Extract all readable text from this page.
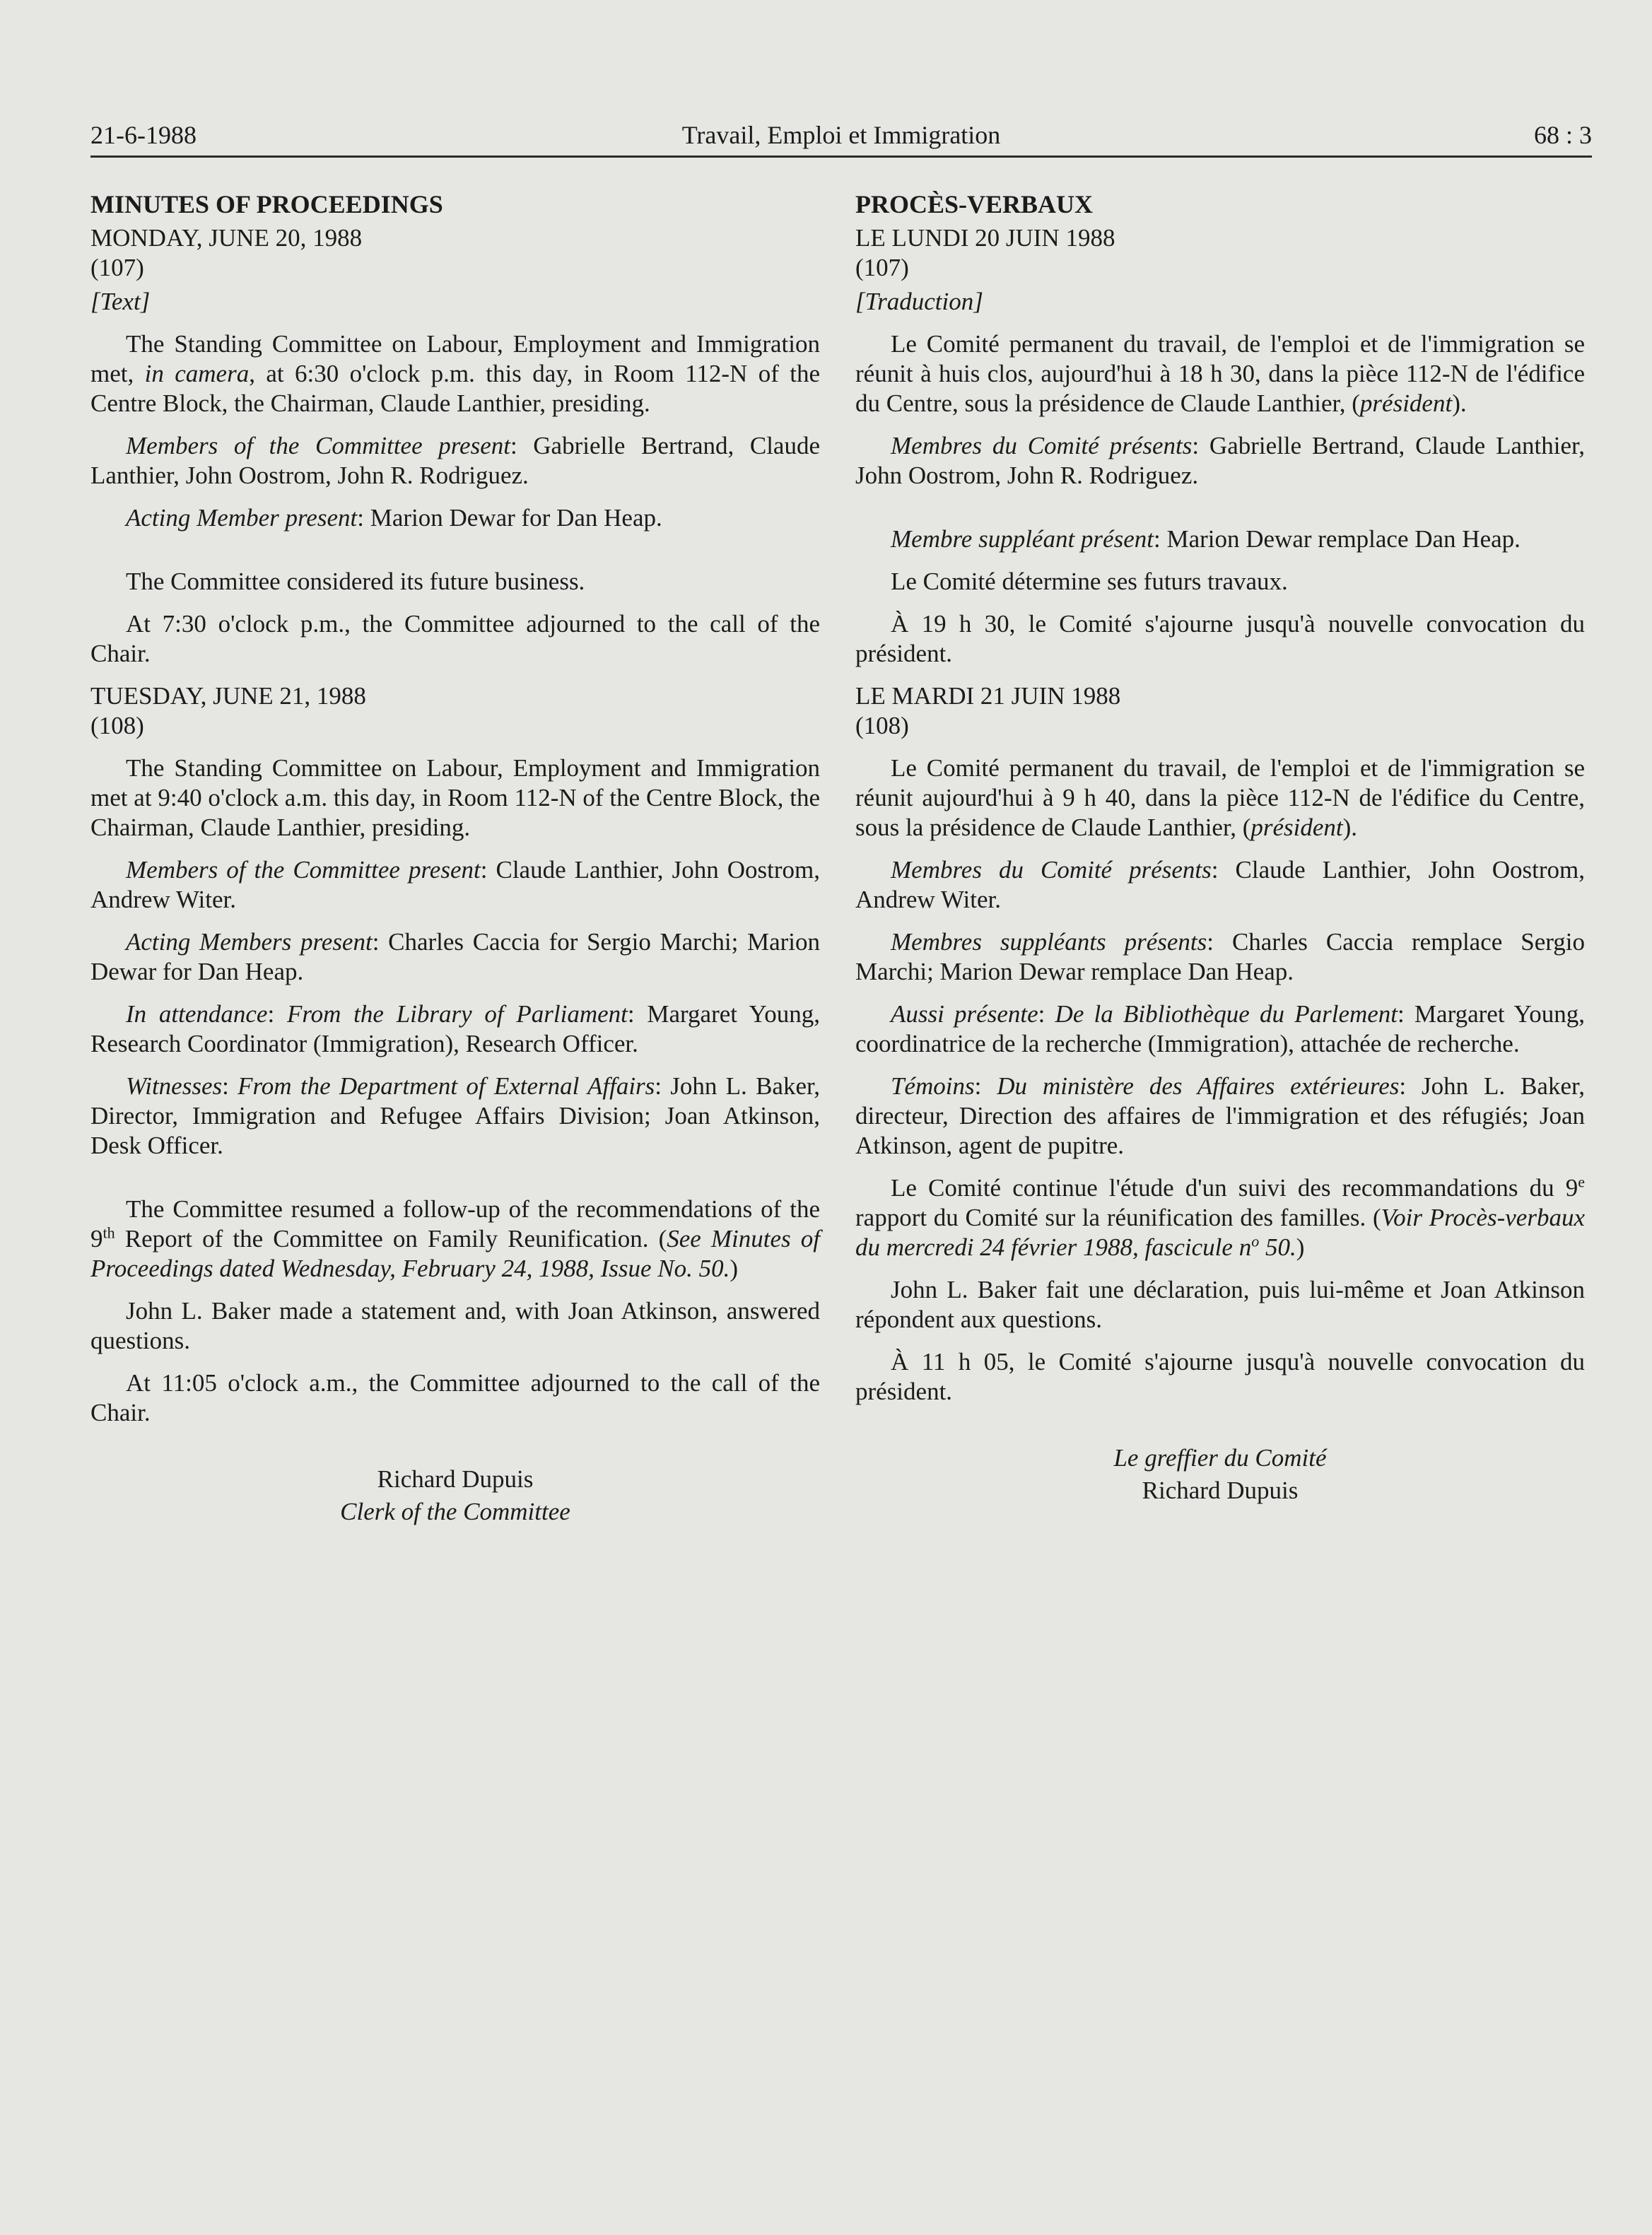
21-6-1988	Travail, Emploi et Immigration	68 : 3
MINUTES OF PROCEEDINGS
MONDAY, JUNE 20, 1988
(107)

[Text]

The Standing Committee on Labour, Employment and Immigration met, in camera, at 6:30 o'clock p.m. this day, in Room 112-N of the Centre Block, the Chairman, Claude Lanthier, presiding.

Members of the Committee present: Gabrielle Bertrand, Claude Lanthier, John Oostrom, John R. Rodriguez.

Acting Member present: Marion Dewar for Dan Heap.

The Committee considered its future business.

At 7:30 o'clock p.m., the Committee adjourned to the call of the Chair.

TUESDAY, JUNE 21, 1988
(108)

The Standing Committee on Labour, Employment and Immigration met at 9:40 o'clock a.m. this day, in Room 112-N of the Centre Block, the Chairman, Claude Lanthier, presiding.

Members of the Committee present: Claude Lanthier, John Oostrom, Andrew Witer.

Acting Members present: Charles Caccia for Sergio Marchi; Marion Dewar for Dan Heap.

In attendance: From the Library of Parliament: Margaret Young, Research Coordinator (Immigration), Research Officer.

Witnesses: From the Department of External Affairs: John L. Baker, Director, Immigration and Refugee Affairs Division; Joan Atkinson, Desk Officer.

The Committee resumed a follow-up of the recommendations of the 9th Report of the Committee on Family Reunification. (See Minutes of Proceedings dated Wednesday, February 24, 1988, Issue No. 50.)

John L. Baker made a statement and, with Joan Atkinson, answered questions.

At 11:05 o'clock a.m., the Committee adjourned to the call of the Chair.

Richard Dupuis
Clerk of the Committee
PROCÈS-VERBAUX
LE LUNDI 20 JUIN 1988
(107)

[Traduction]

Le Comité permanent du travail, de l'emploi et de l'immigration se réunit à huis clos, aujourd'hui à 18 h 30, dans la pièce 112-N de l'édifice du Centre, sous la présidence de Claude Lanthier, (président).

Membres du Comité présents: Gabrielle Bertrand, Claude Lanthier, John Oostrom, John R. Rodriguez.

Membre suppléant présent: Marion Dewar remplace Dan Heap.

Le Comité détermine ses futurs travaux.

À 19 h 30, le Comité s'ajourne jusqu'à nouvelle convocation du président.

LE MARDI 21 JUIN 1988
(108)

Le Comité permanent du travail, de l'emploi et de l'immigration se réunit aujourd'hui à 9 h 40, dans la pièce 112-N de l'édifice du Centre, sous la présidence de Claude Lanthier, (président).

Membres du Comité présents: Claude Lanthier, John Oostrom, Andrew Witer.

Membres suppléants présents: Charles Caccia remplace Sergio Marchi; Marion Dewar remplace Dan Heap.

Aussi présente: De la Bibliothèque du Parlement: Margaret Young, coordinatrice de la recherche (Immigration), attachée de recherche.

Témoins: Du ministère des Affaires extérieures: John L. Baker, directeur, Direction des affaires de l'immigration et des réfugiés; Joan Atkinson, agent de pupitre.

Le Comité continue l'étude d'un suivi des recommandations du 9e rapport du Comité sur la réunification des familles. (Voir Procès-verbaux du mercredi 24 février 1988, fascicule $n^o$ 50.)

John L. Baker fait une déclaration, puis lui-même et Joan Atkinson répondent aux questions.

À 11 h 05, le Comité s'ajourne jusqu'à nouvelle convocation du président.

Le greffier du Comité
Richard Dupuis
